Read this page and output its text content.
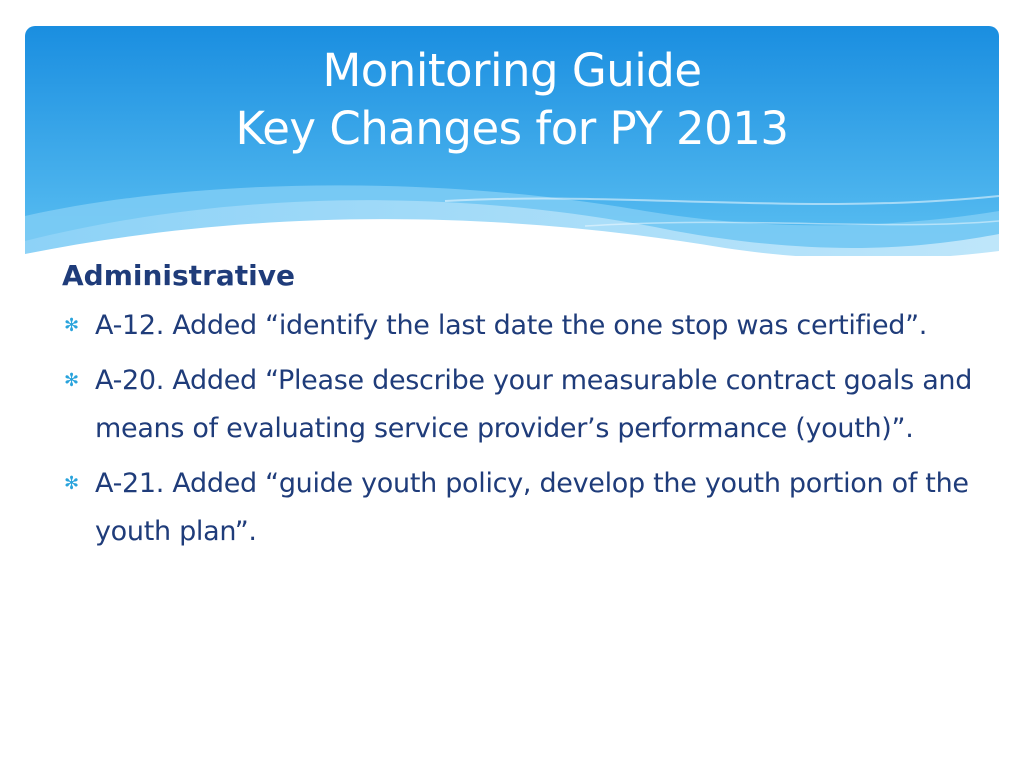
Monitoring Guide
Key Changes for PY 2013
Administrative
✻ A-12. Added “identify the last date the one stop was certified”.
✻ A-20. Added “Please describe your measurable contract goals and means of evaluating service provider’s performance (youth)”.
✻ A-21. Added “guide youth policy, develop the youth portion of the youth plan”.
